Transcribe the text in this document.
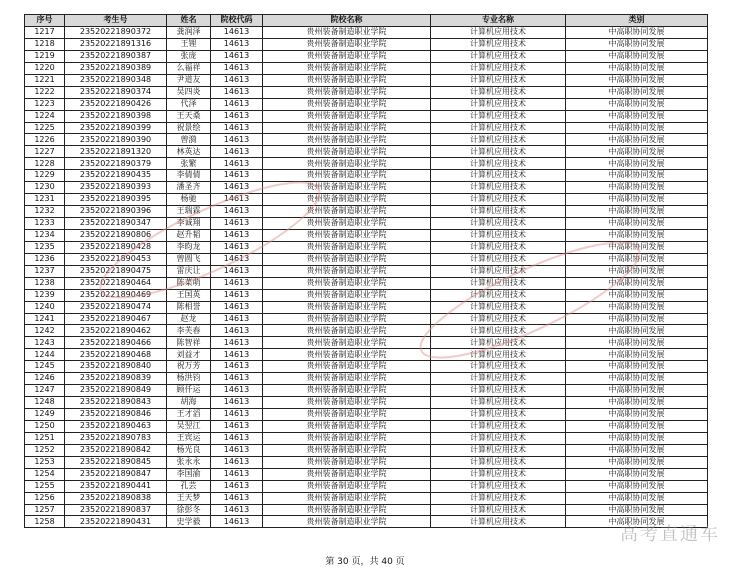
序号	考生号	姓名	院校代码	院校名称	专业名称	类别
1217	23520221890372	龚润泽	14613	贵州装备制造职业学院	计算机应用技术	中高职协同发展
1218	23520221891316	王锂	14613	贵州装备制造职业学院	计算机应用技术	中高职协同发展
1219	23520221890387	张庞	14613	贵州装备制造职业学院	计算机应用技术	中高职协同发展
1220	23520221890389	么福祥	14613	贵州装备制造职业学院	计算机应用技术	中高职协同发展
1221	23520221890348	尹道友	14613	贵州装备制造职业学院	计算机应用技术	中高职协同发展
1222	23520221890374	吴四炎	14613	贵州装备制造职业学院	计算机应用技术	中高职协同发展
1223	23520221890426	代泽	14613	贵州装备制造职业学院	计算机应用技术	中高职协同发展
1224	23520221890398	王天桑	14613	贵州装备制造职业学院	计算机应用技术	中高职协同发展
1225	23520221890399	祝景绘	14613	贵州装备制造职业学院	计算机应用技术	中高职协同发展
1226	23520221890390	曾漪	14613	贵州装备制造职业学院	计算机应用技术	中高职协同发展
1227	23520221891320	林英达	14613	贵州装备制造职业学院	计算机应用技术	中高职协同发展
1228	23520221890379	张繁	14613	贵州装备制造职业学院	计算机应用技术	中高职协同发展
1229	23520221890435	李倩倩	14613	贵州装备制造职业学院	计算机应用技术	中高职协同发展
1230	23520221890393	潘圣齐	14613	贵州装备制造职业学院	计算机应用技术	中高职协同发展
1231	23520221890395	杨驰	14613	贵州装备制造职业学院	计算机应用技术	中高职协同发展
1232	23520221890396	王瑞霖	14613	贵州装备制造职业学院	计算机应用技术	中高职协同发展
1233	23520221890347	李诚翔	14613	贵州装备制造职业学院	计算机应用技术	中高职协同发展
1234	23520221890806	赵升韬	14613	贵州装备制造职业学院	计算机应用技术	中高职协同发展
1235	23520221890428	李昀龙	14613	贵州装备制造职业学院	计算机应用技术	中高职协同发展
1236	23520221890453	曾圆飞	14613	贵州装备制造职业学院	计算机应用技术	中高职协同发展
1237	23520221890475	雷庆让	14613	贵州装备制造职业学院	计算机应用技术	中高职协同发展
1238	23520221890464	陈菜萌	14613	贵州装备制造职业学院	计算机应用技术	中高职协同发展
1239	23520221890469	王国英	14613	贵州装备制造职业学院	计算机应用技术	中高职协同发展
1240	23520221890474	陈相誉	14613	贵州装备制造职业学院	计算机应用技术	中高职协同发展
1241	23520221890467	赵龙	14613	贵州装备制造职业学院	计算机应用技术	中高职协同发展
1242	23520221890462	李芙春	14613	贵州装备制造职业学院	计算机应用技术	中高职协同发展
1243	23520221890466	陈智祥	14613	贵州装备制造职业学院	计算机应用技术	中高职协同发展
1244	23520221890468	刘益才	14613	贵州装备制造职业学院	计算机应用技术	中高职协同发展
1245	23520221890840	祝万芳	14613	贵州装备制造职业学院	计算机应用技术	中高职协同发展
1246	23520221890839	杨洪钧	14613	贵州装备制造职业学院	计算机应用技术	中高职协同发展
1247	23520221890849	顾仟运	14613	贵州装备制造职业学院	计算机应用技术	中高职协同发展
1248	23520221890843	胡海	14613	贵州装备制造职业学院	计算机应用技术	中高职协同发展
1249	23520221890846	王才滔	14613	贵州装备制造职业学院	计算机应用技术	中高职协同发展
1250	23520221890463	吴翌江	14613	贵州装备制造职业学院	计算机应用技术	中高职协同发展
1251	23520221890783	王宾运	14613	贵州装备制造职业学院	计算机应用技术	中高职协同发展
1252	23520221890842	杨光良	14613	贵州装备制造职业学院	计算机应用技术	中高职协同发展
1253	23520221890845	张永永	14613	贵州装备制造职业学院	计算机应用技术	中高职协同发展
1254	23520221890847	李国渝	14613	贵州装备制造职业学院	计算机应用技术	中高职协同发展
1255	23520221890441	孔芸	14613	贵州装备制造职业学院	计算机应用技术	中高职协同发展
1256	23520221890838	王天梦	14613	贵州装备制造职业学院	计算机应用技术	中高职协同发展
1257	23520221890837	徐彭冬	14613	贵州装备制造职业学院	计算机应用技术	中高职协同发展
1258	23520221890431	史学毅	14613	贵州装备制造职业学院	计算机应用技术	中高职协同发展
高考直通车
第 30 页，共 40 页
